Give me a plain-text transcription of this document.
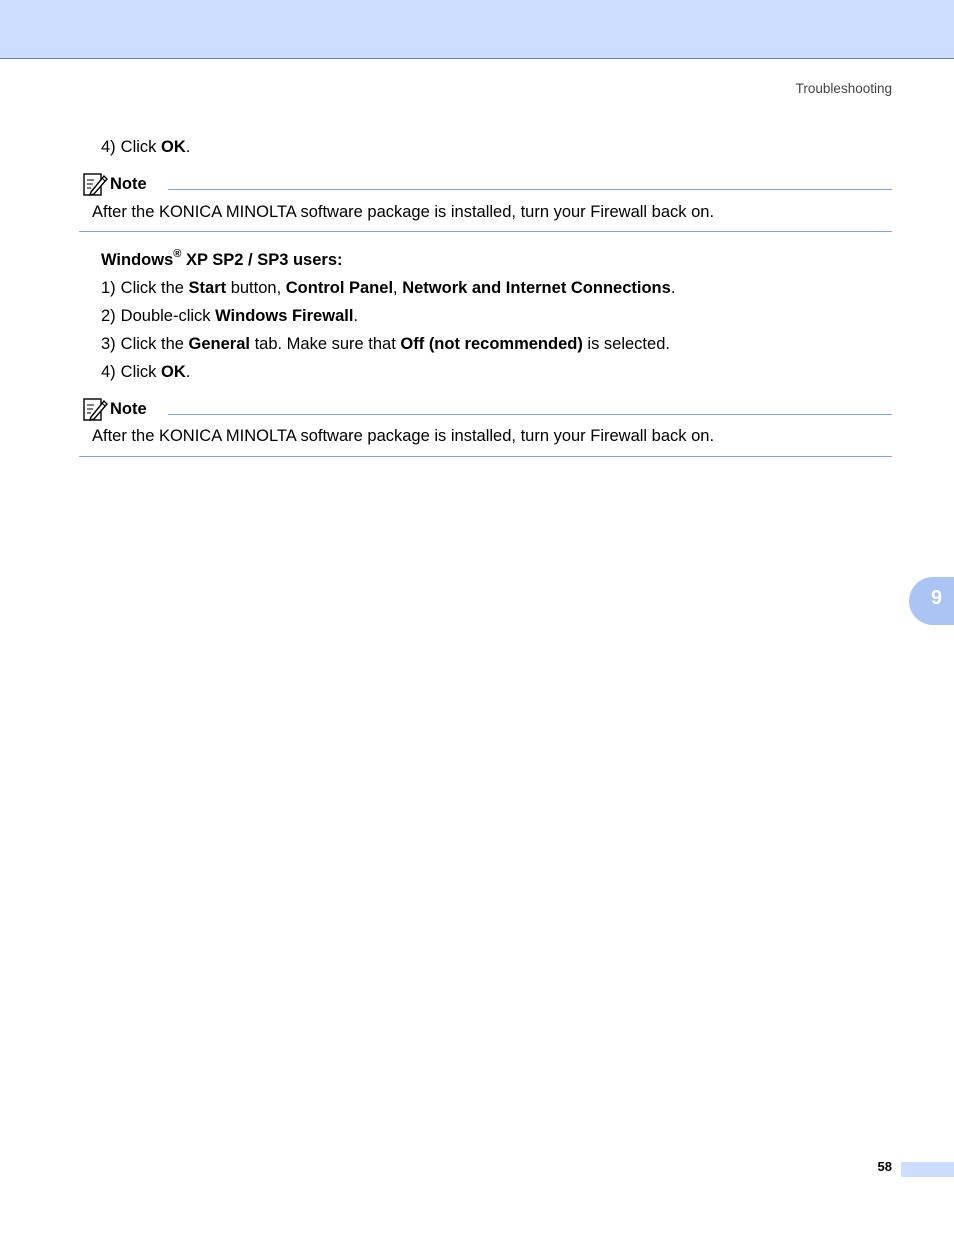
Troubleshooting
4) Click OK.
Note
After the KONICA MINOLTA software package is installed, turn your Firewall back on.
Windows® XP SP2 / SP3 users:
1) Click the Start button, Control Panel, Network and Internet Connections.
2) Double-click Windows Firewall.
3) Click the General tab. Make sure that Off (not recommended) is selected.
4) Click OK.
Note
After the KONICA MINOLTA software package is installed, turn your Firewall back on.
9
58
